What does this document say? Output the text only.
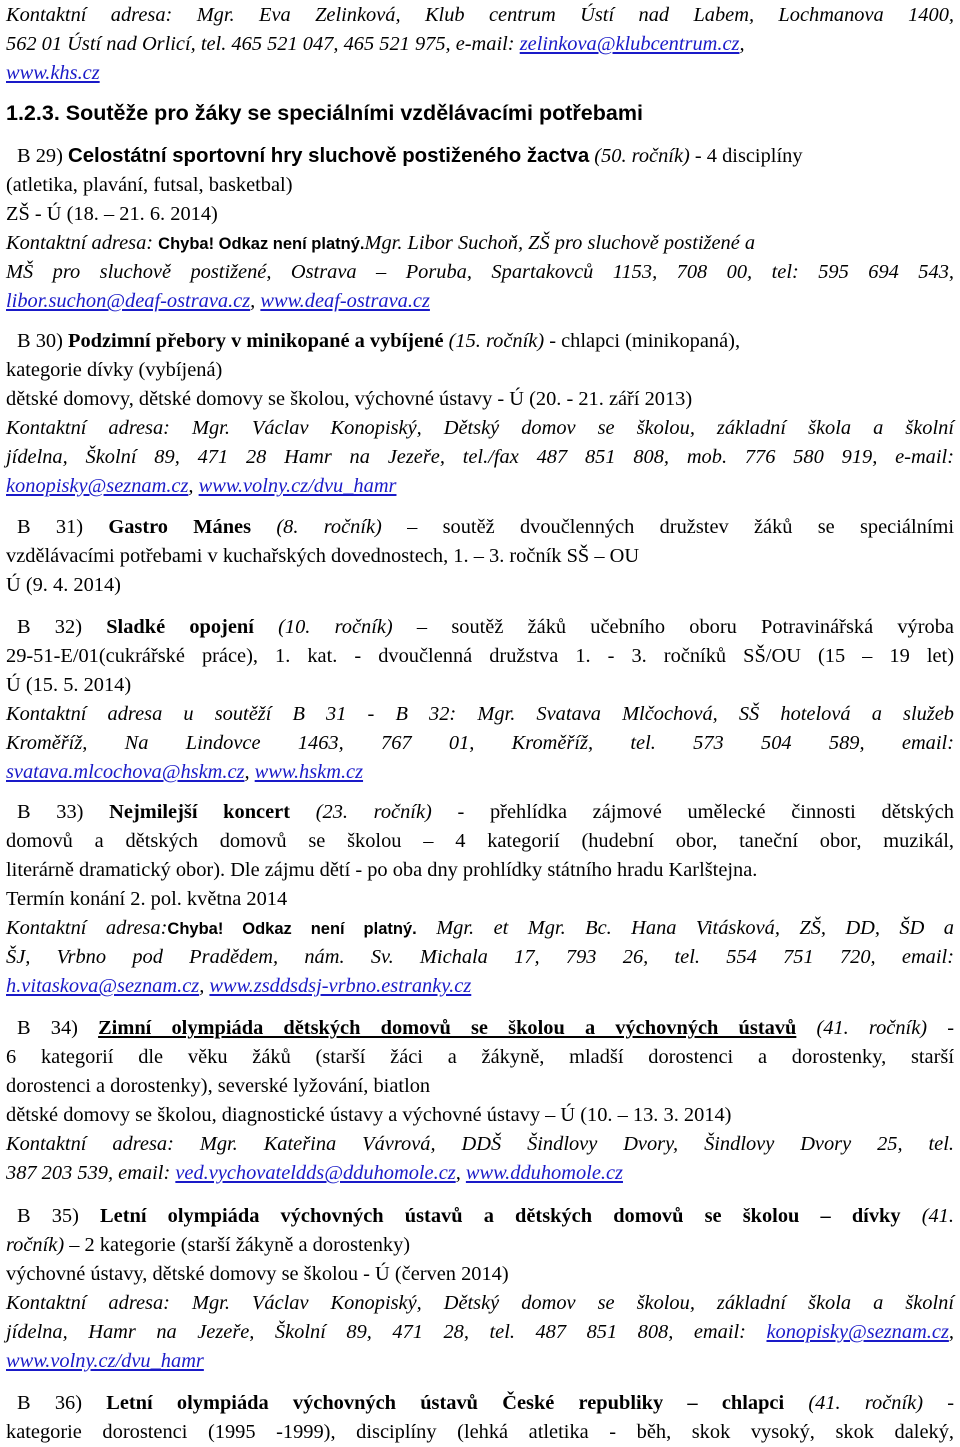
Kontaktní adresa: Mgr. Eva Zelinková, Klub centrum Ústí nad Labem, Lochmanova 1400,
562 01 Ústí nad Orlicí, tel. 465 521 047, 465 521 975, e-mail: zelinkova@klubcentrum.cz,
www.khs.cz
1.2.3. Soutěže pro žáky se speciálními vzdělávacími potřebami
B 29) Celostátní sportovní hry sluchově postiženého žactva (50. ročník) - 4 disciplíny
(atletika, plavání, futsal, basketbal)
ZŠ - Ú (18. – 21. 6. 2014)
Kontaktní adresa: Chyba! Odkaz není platný.Mgr. Libor Suchoň, ZŠ pro sluchově postižené a
MŠ pro sluchově postižené, Ostrava – Poruba, Spartakovců 1153, 708 00, tel: 595 694 543,
libor.suchon@deaf-ostrava.cz, www.deaf-ostrava.cz
B 30) Podzimní přebory v minikopané a vybíjené (15. ročník) - chlapci (minikopaná),
kategorie dívky (vybíjená)
dětské domovy, dětské domovy se školou, výchovné ústavy - Ú (20. - 21. září 2013)
Kontaktní adresa: Mgr. Václav Konopiský, Dětský domov se školou, základní škola a školní
jídelna, Školní 89, 471 28 Hamr na Jezeře, tel./fax 487 851 808, mob. 776 580 919, e-mail:
konopisky@seznam.cz, www.volny.cz/dvu_hamr
B 31) Gastro Mánes (8. ročník) – soutěž dvoučlenných družstev žáků se speciálními
vzdělávacími potřebami v kuchařských dovednostech, 1. – 3. ročník SŠ – OU
Ú (9. 4. 2014)
B 32) Sladké opojení (10. ročník) – soutěž žáků učebního oboru Potravinářská výroba
29-51-E/01(cukrářské práce), 1. kat. - dvoučlenná družstva 1. - 3. ročníků SŠ/OU (15 – 19 let)
Ú (15. 5. 2014)
Kontaktní adresa u soutěží B 31 - B 32: Mgr. Svatava Mlčochová, SŠ hotelová a služeb
Kroměříž, Na Lindovce 1463, 767 01, Kroměříž, tel. 573 504 589, email:
svatava.mlcochova@hskm.cz, www.hskm.cz
B 33) Nejmilejší koncert (23. ročník) - přehlídka zájmové umělecké činnosti dětských
domovů a dětských domovů se školou – 4 kategorií (hudební obor, taneční obor, muzikál,
literárně dramatický obor). Dle zájmu dětí - po oba dny prohlídky státního hradu Karlštejna.
Termín konání 2. pol. května 2014
Kontaktní adresa:Chyba! Odkaz není platný. Mgr. et Mgr. Bc. Hana Vitásková, ZŠ, DD, ŠD a
ŠJ, Vrbno pod Pradědem, nám. Sv. Michala 17, 793 26, tel. 554 751 720, email:
h.vitaskova@seznam.cz, www.zsddsdsj-vrbno.estranky.cz
B 34) Zimní olympiáda dětských domovů se školou a výchovných ústavů (41. ročník) -
6 kategorií dle věku žáků (starší žáci a žákyně, mladší dorostenci a dorostenky, starší
dorostenci a dorostenky), severské lyžování, biatlon
dětské domovy se školou, diagnostické ústavy a výchovné ústavy – Ú (10. – 13. 3. 2014)
Kontaktní adresa: Mgr. Kateřina Vávrová, DDŠ Šindlovy Dvory, Šindlovy Dvory 25, tel.
387 203 539, email: ved.vychovateldds@dduhomole.cz, www.dduhomole.cz
B 35) Letní olympiáda výchovných ústavů a dětských domovů se školou – dívky (41.
ročník) – 2 kategorie (starší žákyně a dorostenky)
výchovné ústavy, dětské domovy se školou - Ú (červen 2014)
Kontaktní adresa: Mgr. Václav Konopiský, Dětský domov se školou, základní škola a školní
jídelna, Hamr na Jezeře, Školní 89, 471 28, tel. 487 851 808, email: konopisky@seznam.cz,
www.volny.cz/dvu_hamr
B 36) Letní olympiáda výchovných ústavů České republiky – chlapci (41. ročník) -
kategorie dorostenci (1995 -1999), disciplíny (lehká atletika - běh, skok vysoký, skok daleký,
